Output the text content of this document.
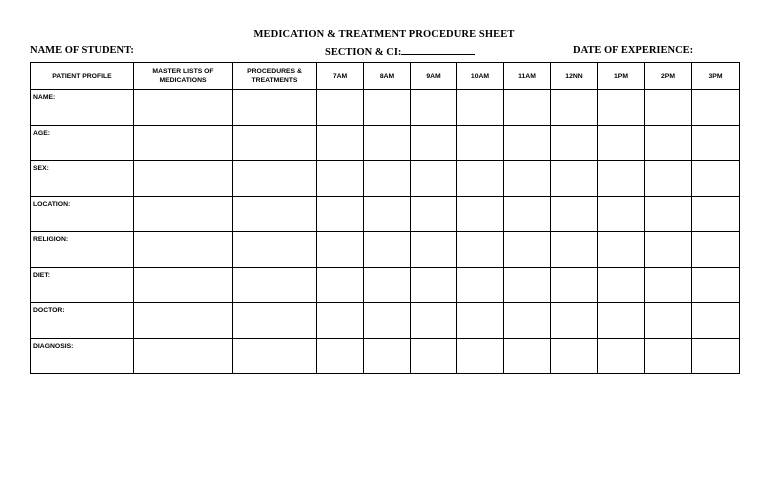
MEDICATION & TREATMENT PROCEDURE SHEET
NAME OF STUDENT:	SECTION & CI:	DATE OF EXPERIENCE:
PATIENT PROFILE	MASTER LISTS OF MEDICATIONS	PROCEDURES & TREATMENTS	7AM	8AM	9AM	10AM	11AM	12NN	1PM	2PM	3PM

NAME:											

AGE:											

SEX:											

LOCATION:											

RELIGION:											

DIET:											

DOCTOR:											

DIAGNOSIS:											
